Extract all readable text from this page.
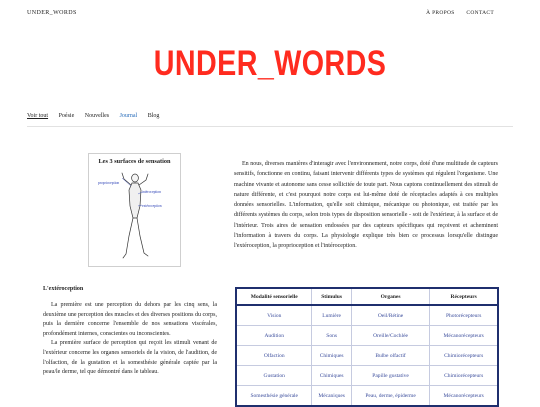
UNDER_WORDS	À PROPOS CONTACT
UNDER_WORDS
Voir tout Poésie Nouvelles Journal Blog
Les 3 surfaces de sensation
proprioception
intéroception
extéroception

En nous, diverses manières d'interagir avec l'environnement, notre corps, doté d'une multitude de capteurs sensitifs, fonctionne en continu, faisant intervenir différents types de systèmes qui régulent l'organisme. Une machine vivante et autonome sans cesse sollicitée de toute part. Nous captons continuellement des stimuli de nature différente, et c'est pourquoi notre corps est lui-même doté de réceptacles adaptés à ces multiples données sensorielles. L'information, qu'elle soit chimique, mécanique ou photonique, est traitée par les différents systèmes du corps, selon trois types de disposition sensorielle - soit de l'extérieur, à la surface et de l'intérieur. Trois aires de sensation endossées par des capteurs spécifiques qui reçoivent et acheminent l'information à travers du corps. La physiologie explique très bien ce processus lorsqu'elle distingue l'extéroception, la proprioception et l'intéroception.

L'extéroception

La première est une perception du dehors par les cinq sens, la deuxième une perception des muscles et des diverses positions du corps, puis la dernière concerne l'ensemble de nos sensations viscérales, profondément internes, conscientes ou inconscientes.

La première surface de perception qui reçoit les stimuli venant de l'extérieur concerne les organes sensoriels de la vision, de l'audition, de l'olfaction, de la gustation et la somesthésie générale captée par la peau/le derme, tel que démontré dans le tableau.

Modalité sensorielle	Stimulus	Organes	Récepteurs
Vision	Lumière	Oeil/Rétine	Photorécepteurs
Audition	Sons	Oreille/Cochlée	Mécanorécepteurs
Olfaction	Chimiques	Bulbe olfactif	Chimiorécepteurs
Gustation	Chimiques	Papille gustative	Chimiorécepteurs
Somesthésie générale	Mécaniques	Peau, derme, épiderme	Mécanorécepteurs
